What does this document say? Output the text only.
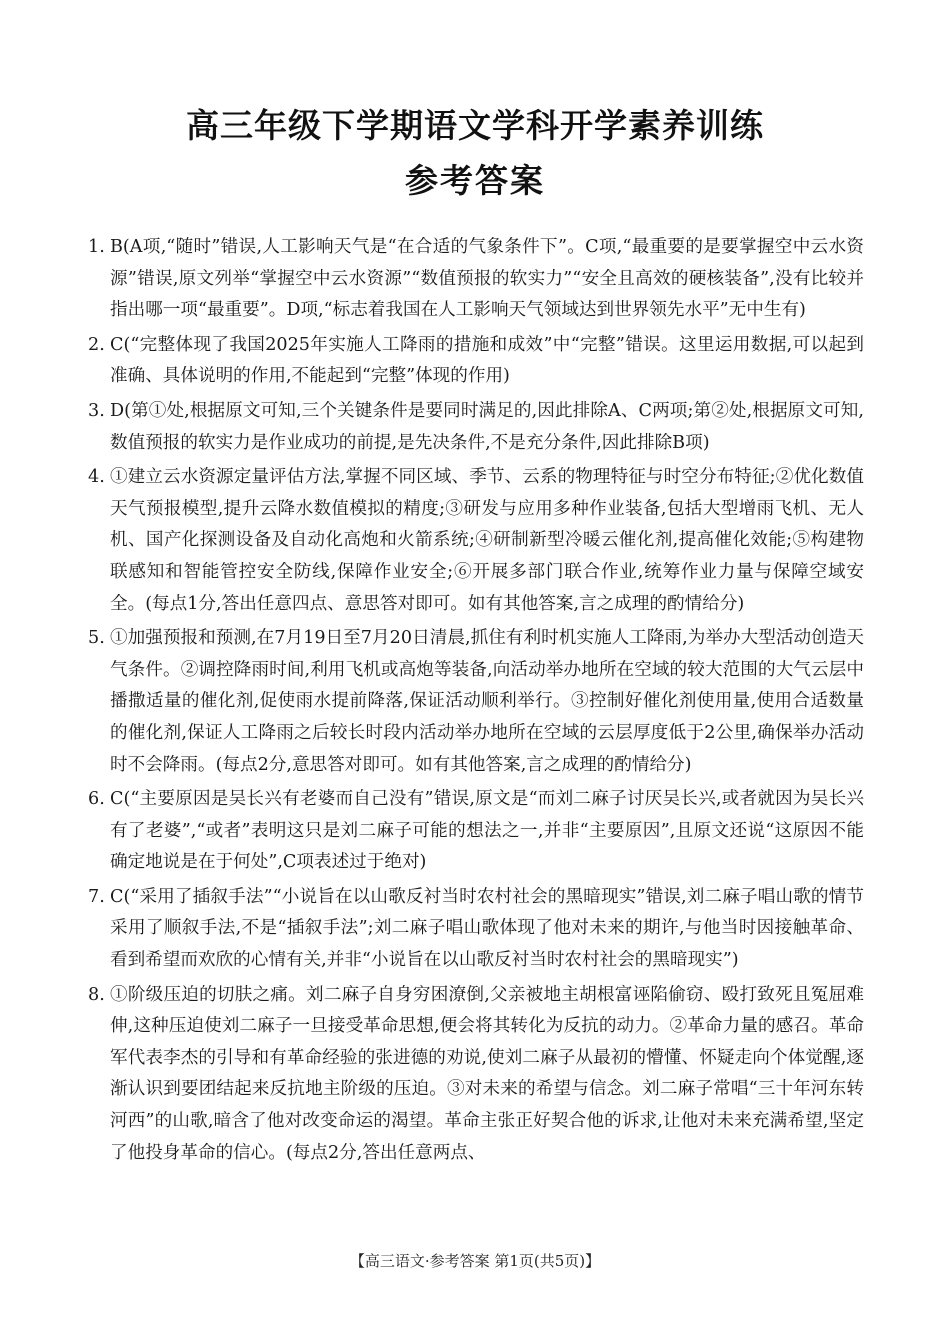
高三年级下学期语文学科开学素养训练
参考答案
1. B(A项,“随时”错误,人工影响天气是“在合适的气象条件下”。C项,“最重要的是要掌握空中云水资源”错误,原文列举“掌握空中云水资源”“数值预报的软实力”“安全且高效的硬核装备”,没有比较并指出哪一项“最重要”。D项,“标志着我国在人工影响天气领域达到世界领先水平”无中生有)
2. C(“完整体现了我国2025年实施人工降雨的措施和成效”中“完整”错误。这里运用数据,可以起到准确、具体说明的作用,不能起到“完整”体现的作用)
3. D(第①处,根据原文可知,三个关键条件是要同时满足的,因此排除A、C两项;第②处,根据原文可知,数值预报的软实力是作业成功的前提,是先决条件,不是充分条件,因此排除B项)
4. ①建立云水资源定量评估方法,掌握不同区域、季节、云系的物理特征与时空分布特征;②优化数值天气预报模型,提升云降水数值模拟的精度;③研发与应用多种作业装备,包括大型增雨飞机、无人机、国产化探测设备及自动化高炮和火箭系统;④研制新型冷暖云催化剂,提高催化效能;⑤构建物联感知和智能管控安全防线,保障作业安全;⑥开展多部门联合作业,统筹作业力量与保障空域安全。(每点1分,答出任意四点、意思答对即可。如有其他答案,言之成理的酌情给分)
5. ①加强预报和预测,在7月19日至7月20日清晨,抓住有利时机实施人工降雨,为举办大型活动创造天气条件。②调控降雨时间,利用飞机或高炮等装备,向活动举办地所在空域的较大范围的大气云层中播撒适量的催化剂,促使雨水提前降落,保证活动顺利举行。③控制好催化剂使用量,使用合适数量的催化剂,保证人工降雨之后较长时段内活动举办地所在空域的云层厚度低于2公里,确保举办活动时不会降雨。(每点2分,意思答对即可。如有其他答案,言之成理的酌情给分)
6. C(“主要原因是吴长兴有老婆而自己没有”错误,原文是“而刘二麻子讨厌吴长兴,或者就因为吴长兴有了老婆”,“或者”表明这只是刘二麻子可能的想法之一,并非“主要原因”,且原文还说“这原因不能确定地说是在于何处”,C项表述过于绝对)
7. C(“采用了插叙手法”“小说旨在以山歌反衬当时农村社会的黑暗现实”错误,刘二麻子唱山歌的情节采用了顺叙手法,不是“插叙手法”;刘二麻子唱山歌体现了他对未来的期许,与他当时因接触革命、看到希望而欢欣的心情有关,并非“小说旨在以山歌反衬当时农村社会的黑暗现实”)
8. ①阶级压迫的切肤之痛。刘二麻子自身穷困潦倒,父亲被地主胡根富诬陷偷窃、殴打致死且冤屈难伸,这种压迫使刘二麻子一旦接受革命思想,便会将其转化为反抗的动力。②革命力量的感召。革命军代表李杰的引导和有革命经验的张进德的劝说,使刘二麻子从最初的懵懂、怀疑走向个体觉醒,逐渐认识到要团结起来反抗地主阶级的压迫。③对未来的希望与信念。刘二麻子常唱“三十年河东转河西”的山歌,暗含了他对改变命运的渴望。革命主张正好契合他的诉求,让他对未来充满希望,坚定了他投身革命的信心。(每点2分,答出任意两点、
【高三语文·参考答案 第1页(共5页)】
